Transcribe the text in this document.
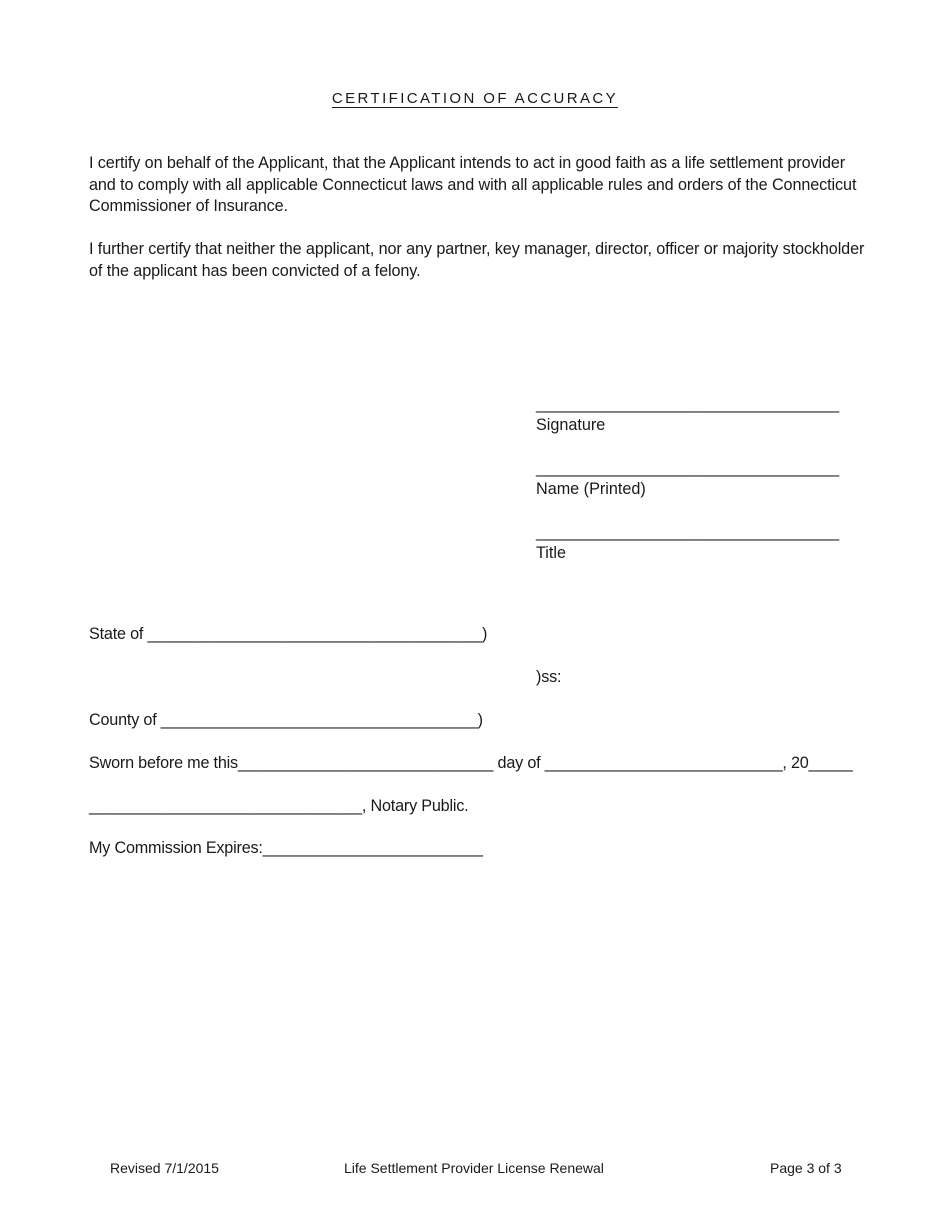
CERTIFICATION OF ACCURACY
I certify on behalf of the Applicant, that the Applicant intends to act in good faith as a life settlement provider and to comply with all applicable Connecticut laws and with all applicable rules and orders of the Connecticut Commissioner of Insurance.
I further certify that neither the applicant, nor any partner, key manager, director, officer or majority stockholder of the applicant has been convicted of a felony.
____________________________________
Signature
____________________________________
Name (Printed)
____________________________________
Title
State of ______________________________________)
)ss:
County of ____________________________________)
Sworn before me this_____________________________ day of ___________________________, 20_____
_______________________________, Notary Public.
My Commission Expires:_________________________
Revised 7/1/2015	Life Settlement Provider License Renewal	Page 3 of 3
